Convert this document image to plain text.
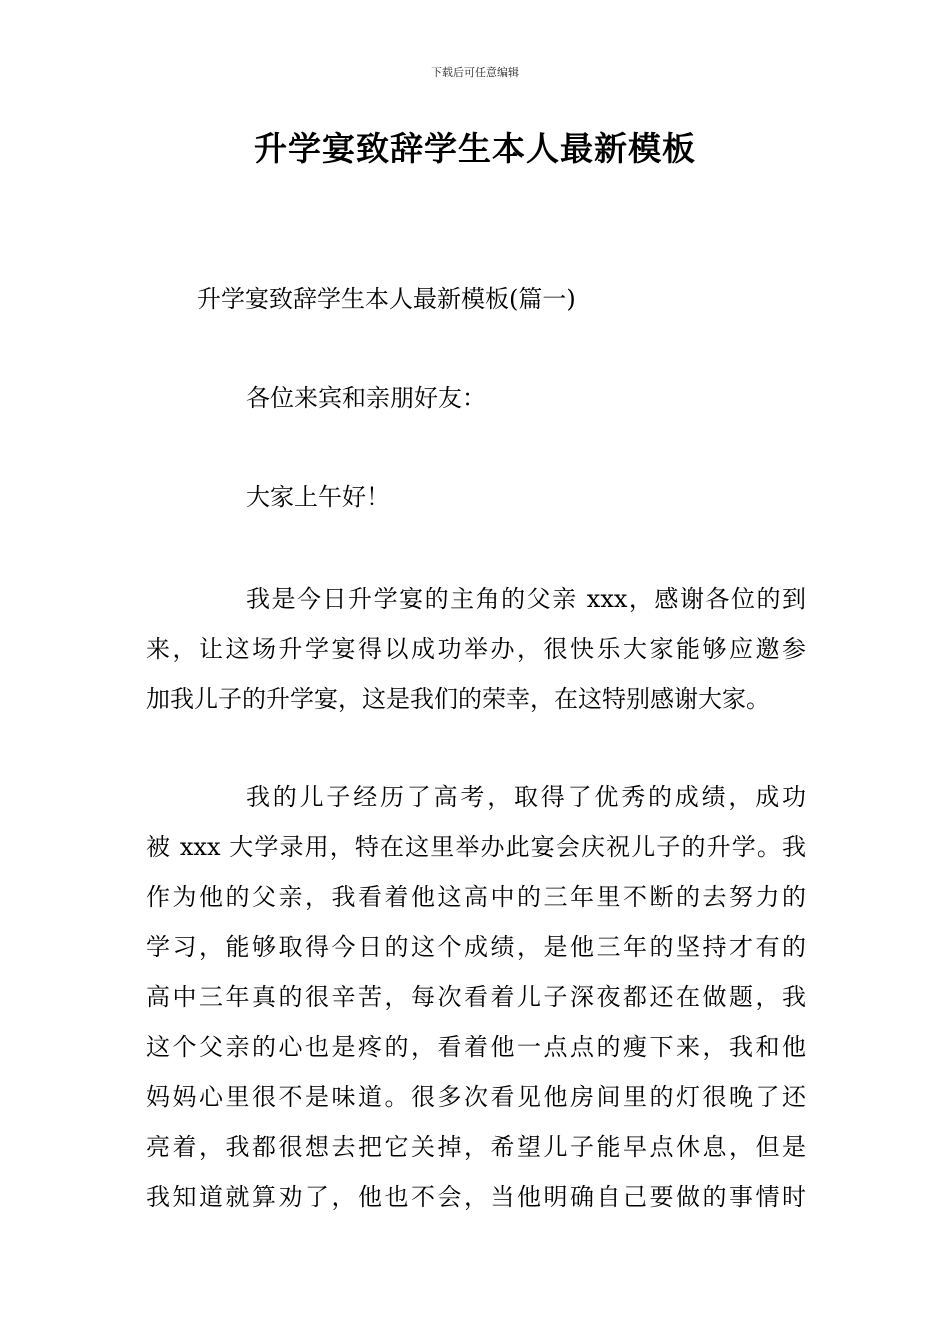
下载后可任意编辑
升学宴致辞学生本人最新模板
升学宴致辞学生本人最新模板(篇一)
各位来宾和亲朋好友：
大家上午好！
我是今日升学宴的主角的父亲 xxx，感谢各位的到
来，让这场升学宴得以成功举办，很快乐大家能够应邀参
加我儿子的升学宴，这是我们的荣幸，在这特别感谢大家。
我的儿子经历了高考，取得了优秀的成绩，成功
被 xxx 大学录用，特在这里举办此宴会庆祝儿子的升学。我
作为他的父亲，我看着他这高中的三年里不断的去努力的
学习，能够取得今日的这个成绩，是他三年的坚持才有的
高中三年真的很辛苦，每次看着儿子深夜都还在做题，我
这个父亲的心也是疼的，看着他一点点的瘦下来，我和他
妈妈心里很不是味道。很多次看见他房间里的灯很晚了还
亮着，我都很想去把它关掉，希望儿子能早点休息，但是
我知道就算劝了，他也不会，当他明确自己要做的事情时
